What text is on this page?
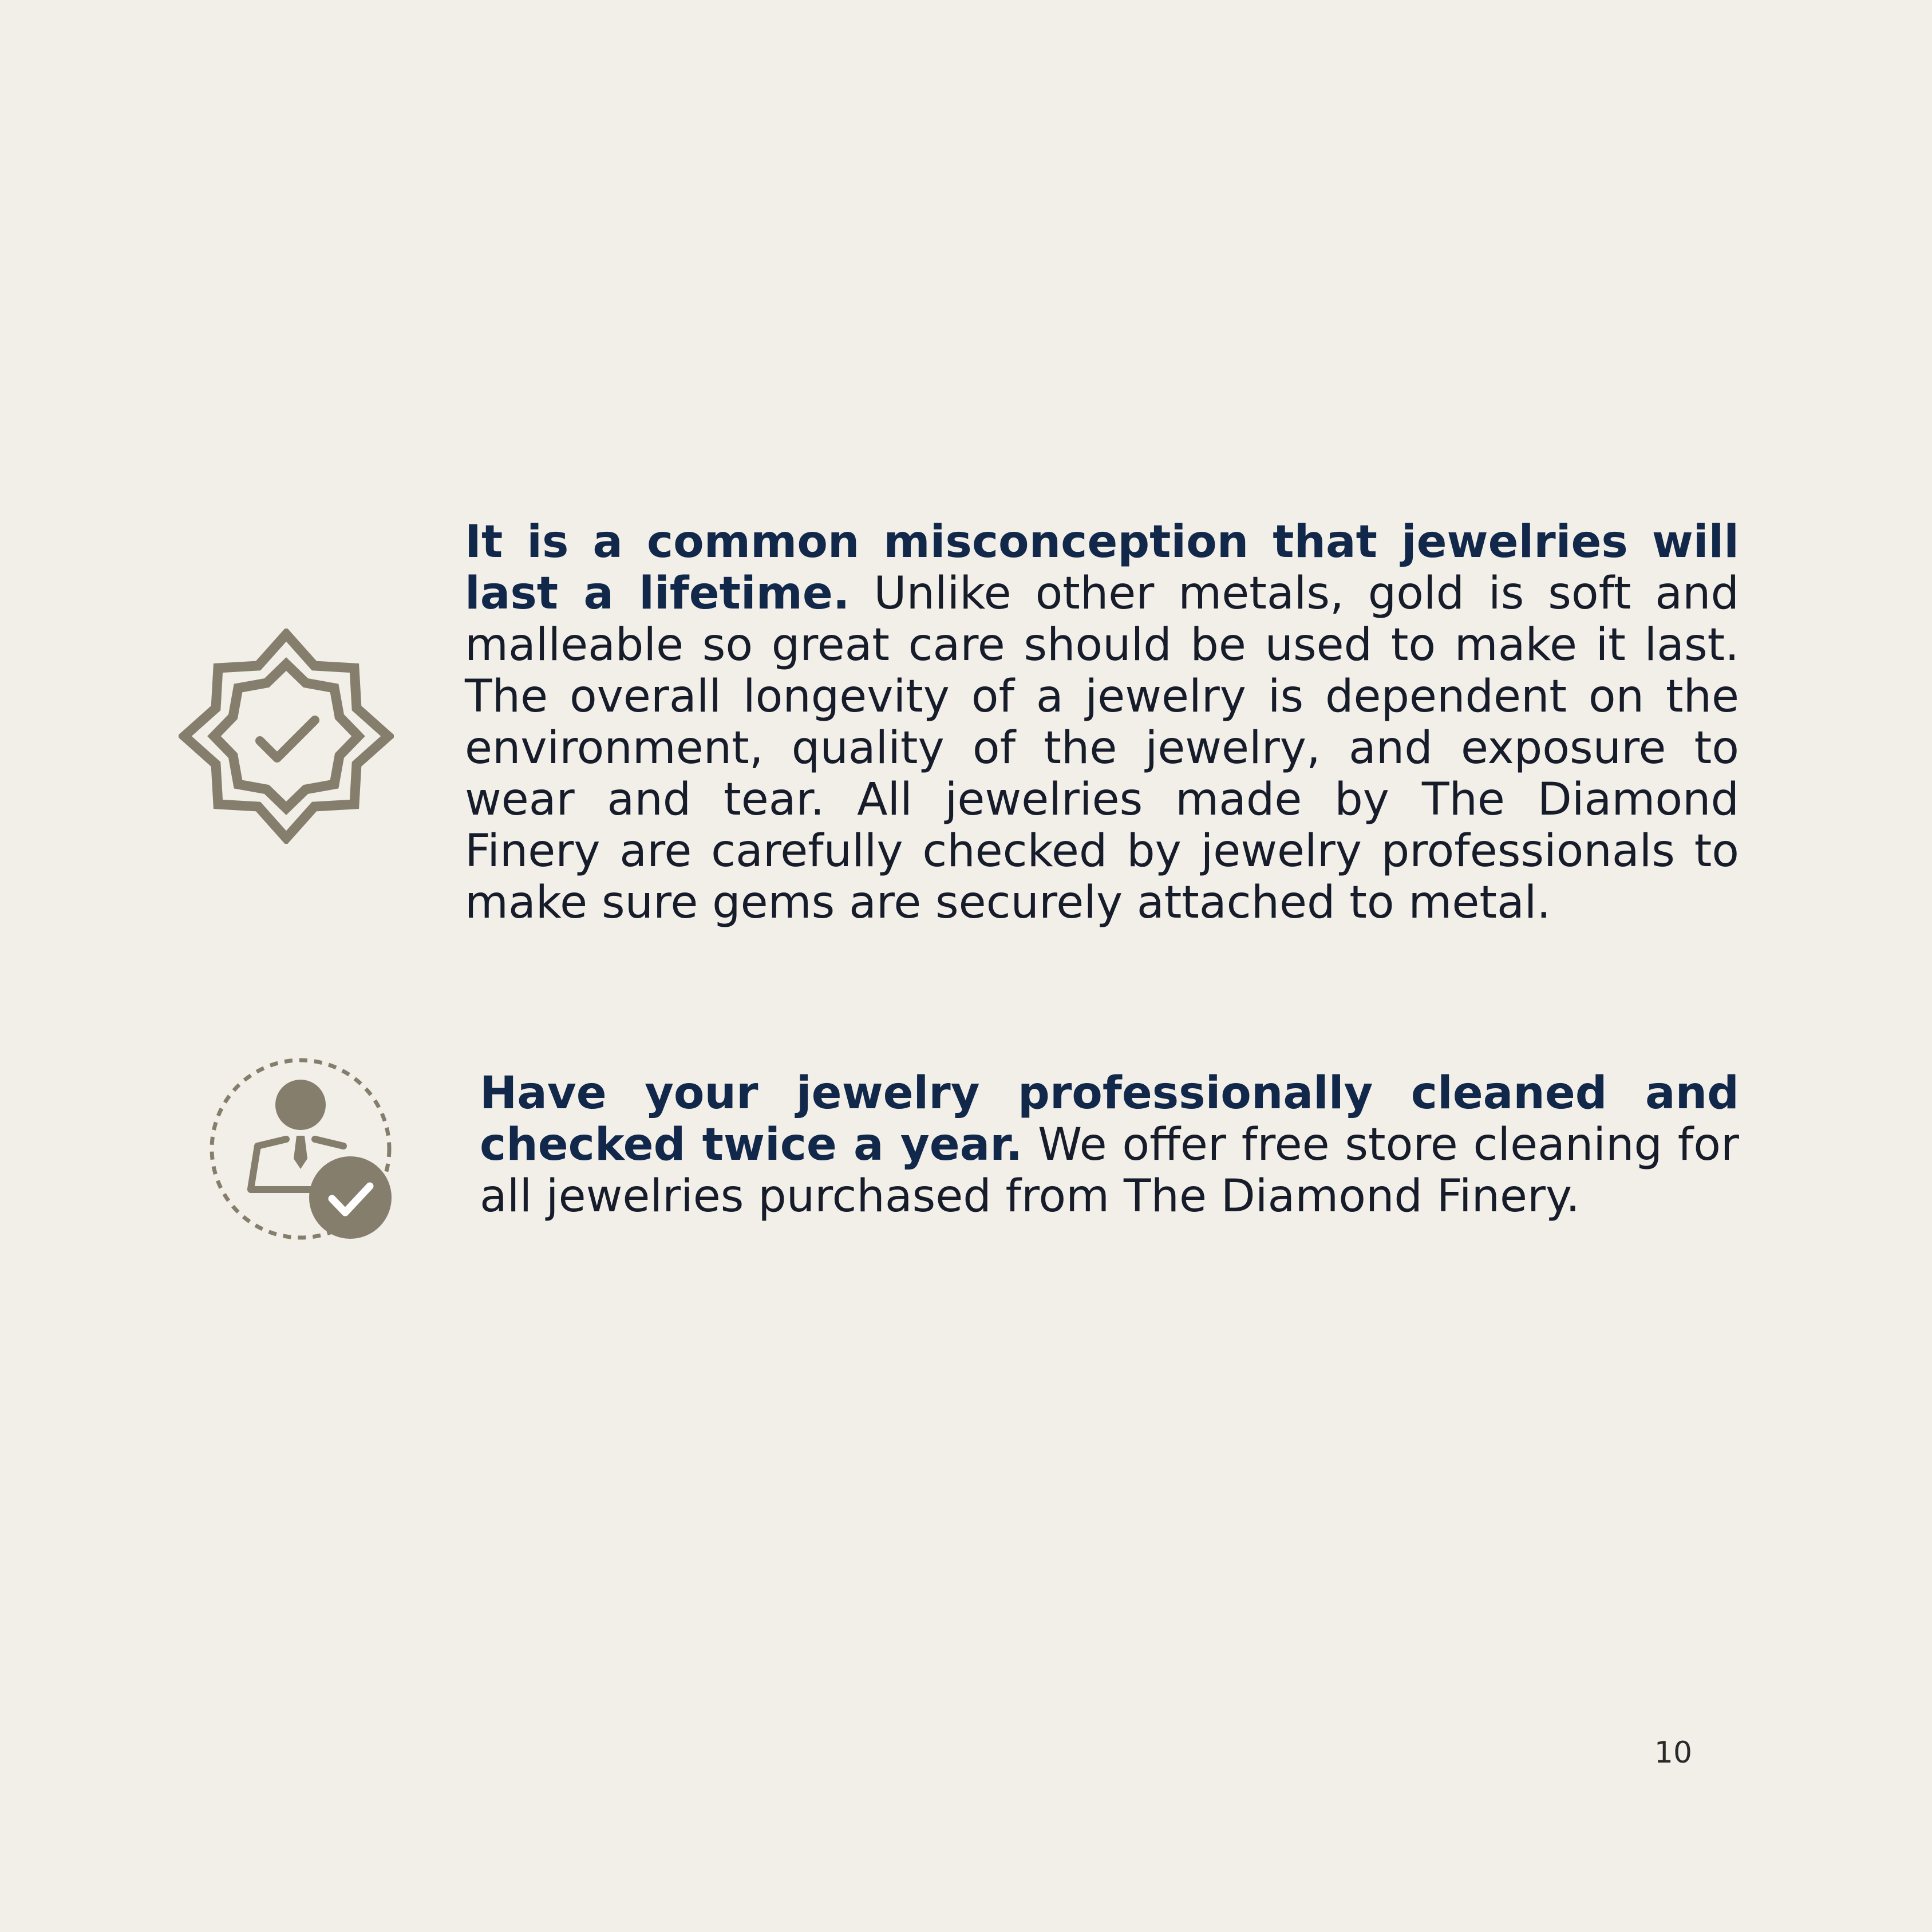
It is a common misconception that jewelries will last a lifetime. Unlike other metals, gold is soft and malleable so great care should be used to make it last. The overall longevity of a jewelry is dependent on the environment, quality of the jewelry, and exposure to wear and tear. All jewelries made by The Diamond Finery are carefully checked by jewelry professionals to make sure gems are securely attached to metal.
Have your jewelry professionally cleaned and checked twice a year. We offer free store cleaning for all jewelries purchased from The Diamond Finery.
10
